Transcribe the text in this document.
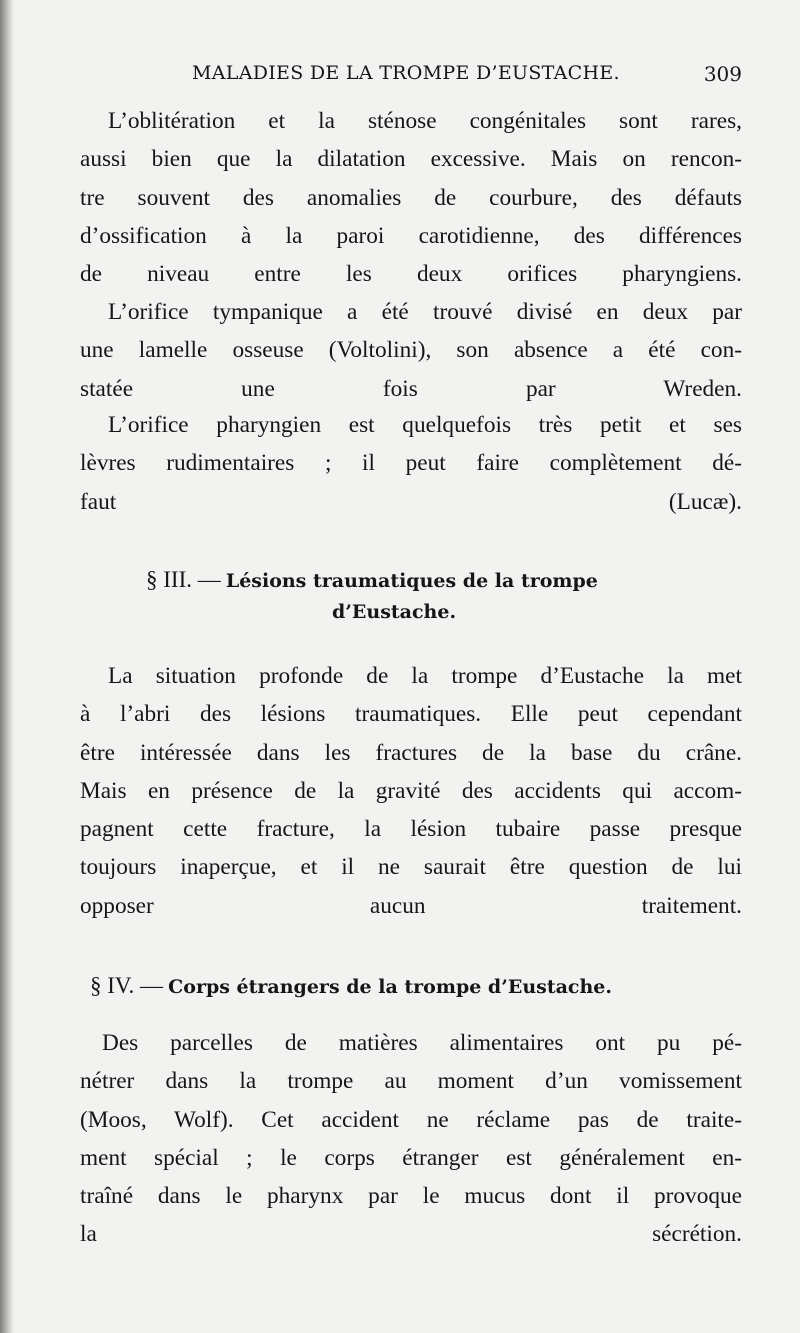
MALADIES DE LA TROMPE D’EUSTACHE.	309
L’oblitération et la sténose congénitales sont rares,
aussi bien que la dilatation excessive. Mais on rencon-
tre souvent des anomalies de courbure, des défauts
d’ossification à la paroi carotidienne, des différences
de niveau entre les deux orifices pharyngiens.
L’orifice tympanique a été trouvé divisé en deux par
une lamelle osseuse (Voltolini), son absence a été con-
statée une fois par Wreden.
L’orifice pharyngien est quelquefois très petit et ses
lèvres rudimentaires ; il peut faire complètement dé-
faut (Lucæ).
§ III. — Lésions traumatiques de la trompe
d’Eustache.
La situation profonde de la trompe d’Eustache la met
à l’abri des lésions traumatiques. Elle peut cependant
être intéressée dans les fractures de la base du crâne.
Mais en présence de la gravité des accidents qui accom-
pagnent cette fracture, la lésion tubaire passe presque
toujours inaperçue, et il ne saurait être question de lui
opposer aucun traitement.
§ IV. — Corps étrangers de la trompe d’Eustache.
Des parcelles de matières alimentaires ont pu pé-
nétrer dans la trompe au moment d’un vomissement
(Moos, Wolf). Cet accident ne réclame pas de traite-
ment spécial ; le corps étranger est généralement en-
traîné dans le pharynx par le mucus dont il provoque
la sécrétion.
